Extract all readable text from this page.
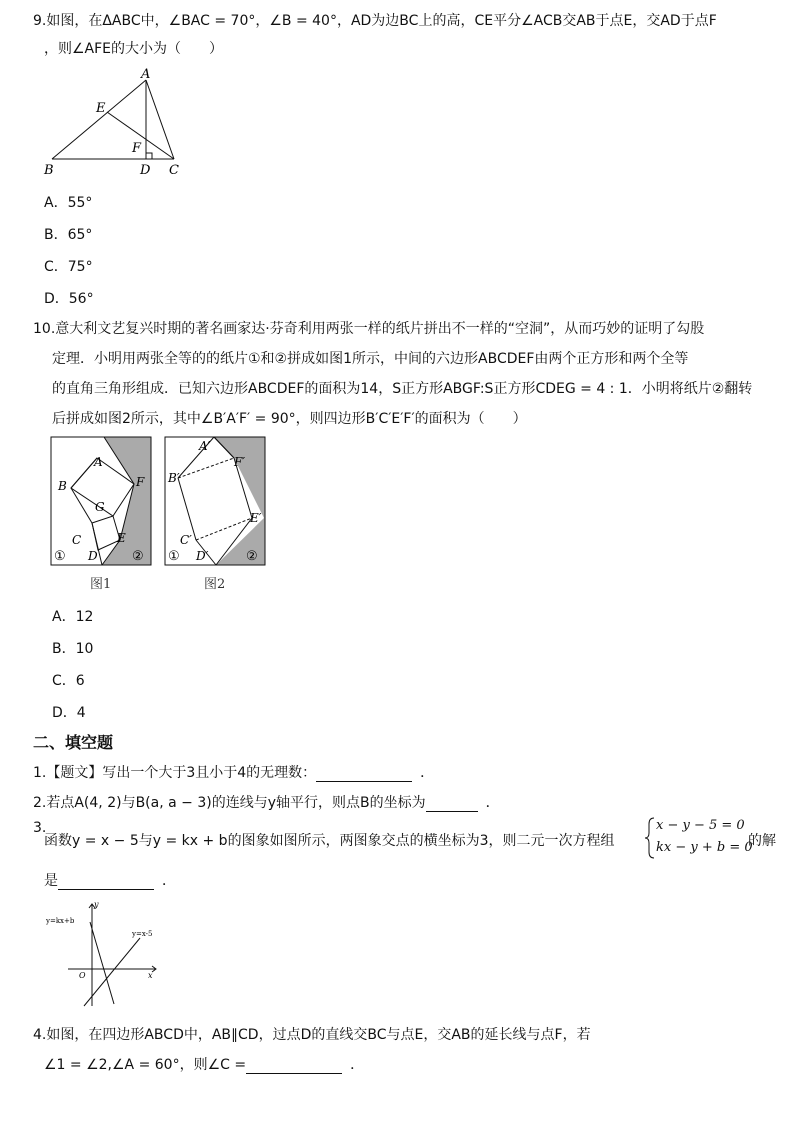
9.如图，在ΔABC中，∠BAC = 70°，∠B = 40°，AD为边BC上的高，CE平分∠ACB交AB于点E，交AD于点F
，则∠AFE的大小为（　　）
A
E
F
B	D C
A．55°
B．65°
C．75°
D．56°
10.意大利文艺复兴时期的著名画家达·芬奇利用两张一样的纸片拼出不一样的“空洞”，从而巧妙的证明了勾股
定理．小明用两张全等的的纸片①和②拼成如图1所示，中间的六边形ABCDEF由两个正方形和两个全等
的直角三角形组成．已知六边形ABCDEF的面积为14，S正方形ABGF:S正方形CDEG = 4 : 1．小明将纸片②翻转
后拼成如图2所示，其中∠B′A′F′ = 90°，则四边形B′C′E′F′的面积为（　　）
A
B	F
G
C	E
D
①	②
图1
A′
B′
F′
E′
C′
D′
①	②
图2
A．12
B．10
C．6
D．4
二、填空题
1.【题文】写出一个大于3且小于4的无理数：	．
2.若点A(4, 2)与B(a, a − 3)的连线与y轴平行，则点B的坐标为	．
3.
函数y = x − 5与y = kx + b的图象如图所示，两图象交点的横坐标为3，则二元一次方程组
x − y − 5 = 0
kx − y + b = 0
的解
是	．
y
x
O
y=kx+b
y=x-5
4.如图，在四边形ABCD中，AB∥CD，过点D的直线交BC与点E，交AB的延长线与点F，若
∠1 = ∠2,∠A = 60°，则∠C =	．
